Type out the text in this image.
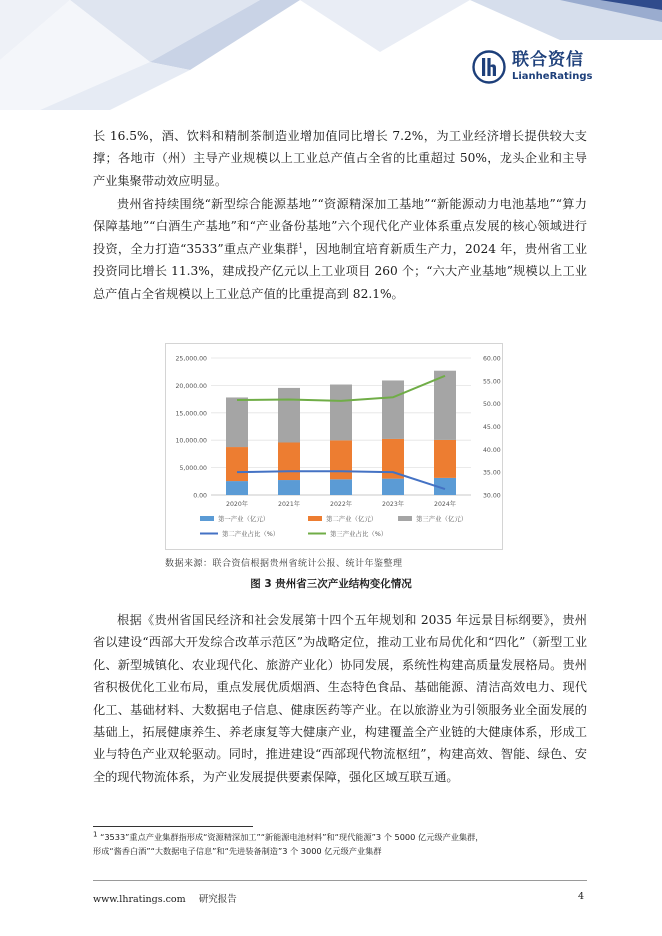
联合资信
LianheRatings

长 16.5%，酒、饮料和精制茶制造业增加值同比增长 7.2%，为工业经济增长提供较大支撑；各地市（州）主导产业规模以上工业总产值占全省的比重超过 50%，龙头企业和主导产业集聚带动效应明显。

贵州省持续围绕“新型综合能源基地”“资源精深加工基地”“新能源动力电池基地”“算力保障基地”“白酒生产基地”和“产业备份基地”六个现代化产业体系重点发展的核心领域进行投资，全力打造“3533”重点产业集群$^1$，因地制宜培育新质生产力，2024 年，贵州省工业投资同比增长 11.3%，建成投产亿元以上工业项目 260 个；“六大产业基地”规模以上工业总产值占全省规模以上工业总产值的比重提高到 82.1%。

0.00
5,000.00
10,000.00
15,000.00
20,000.00
25,000.00
30.00
35.00
40.00
45.00
50.00
55.00
60.00
2020年	2021年	2022年	2023年	2024年
第一产业（亿元）	第二产业（亿元）	第三产业（亿元）
第二产业占比（%）	第三产业占比（%）
数据来源：联合资信根据贵州省统计公报、统计年鉴整理
图 3 贵州省三次产业结构变化情况

根据《贵州省国民经济和社会发展第十四个五年规划和 2035 年远景目标纲要》，贵州省以建设“西部大开发综合改革示范区”为战略定位，推动工业布局优化和“四化”（新型工业化、新型城镇化、农业现代化、旅游产业化）协同发展，系统性构建高质量发展格局。贵州省积极优化工业布局，重点发展优质烟酒、生态特色食品、基础能源、清洁高效电力、现代化工、基础材料、大数据电子信息、健康医药等产业。在以旅游业为引领服务业全面发展的基础上，拓展健康养生、养老康复等大健康产业，构建覆盖全产业链的大健康体系，形成工业与特色产业双轮驱动。同时，推进建设“西部现代物流枢纽”，构建高效、智能、绿色、安全的现代物流体系，为产业发展提供要素保障，强化区域互联互通。

$^1$ “3533”重点产业集群指形成“资源精深加工”“新能源电池材料”和“现代能源”3 个 5000 亿元级产业集群，

形成“酱香白酒”“大数据电子信息”和“先进装备制造”3 个 3000 亿元级产业集群

www.lhratings.com 研究报告	4
